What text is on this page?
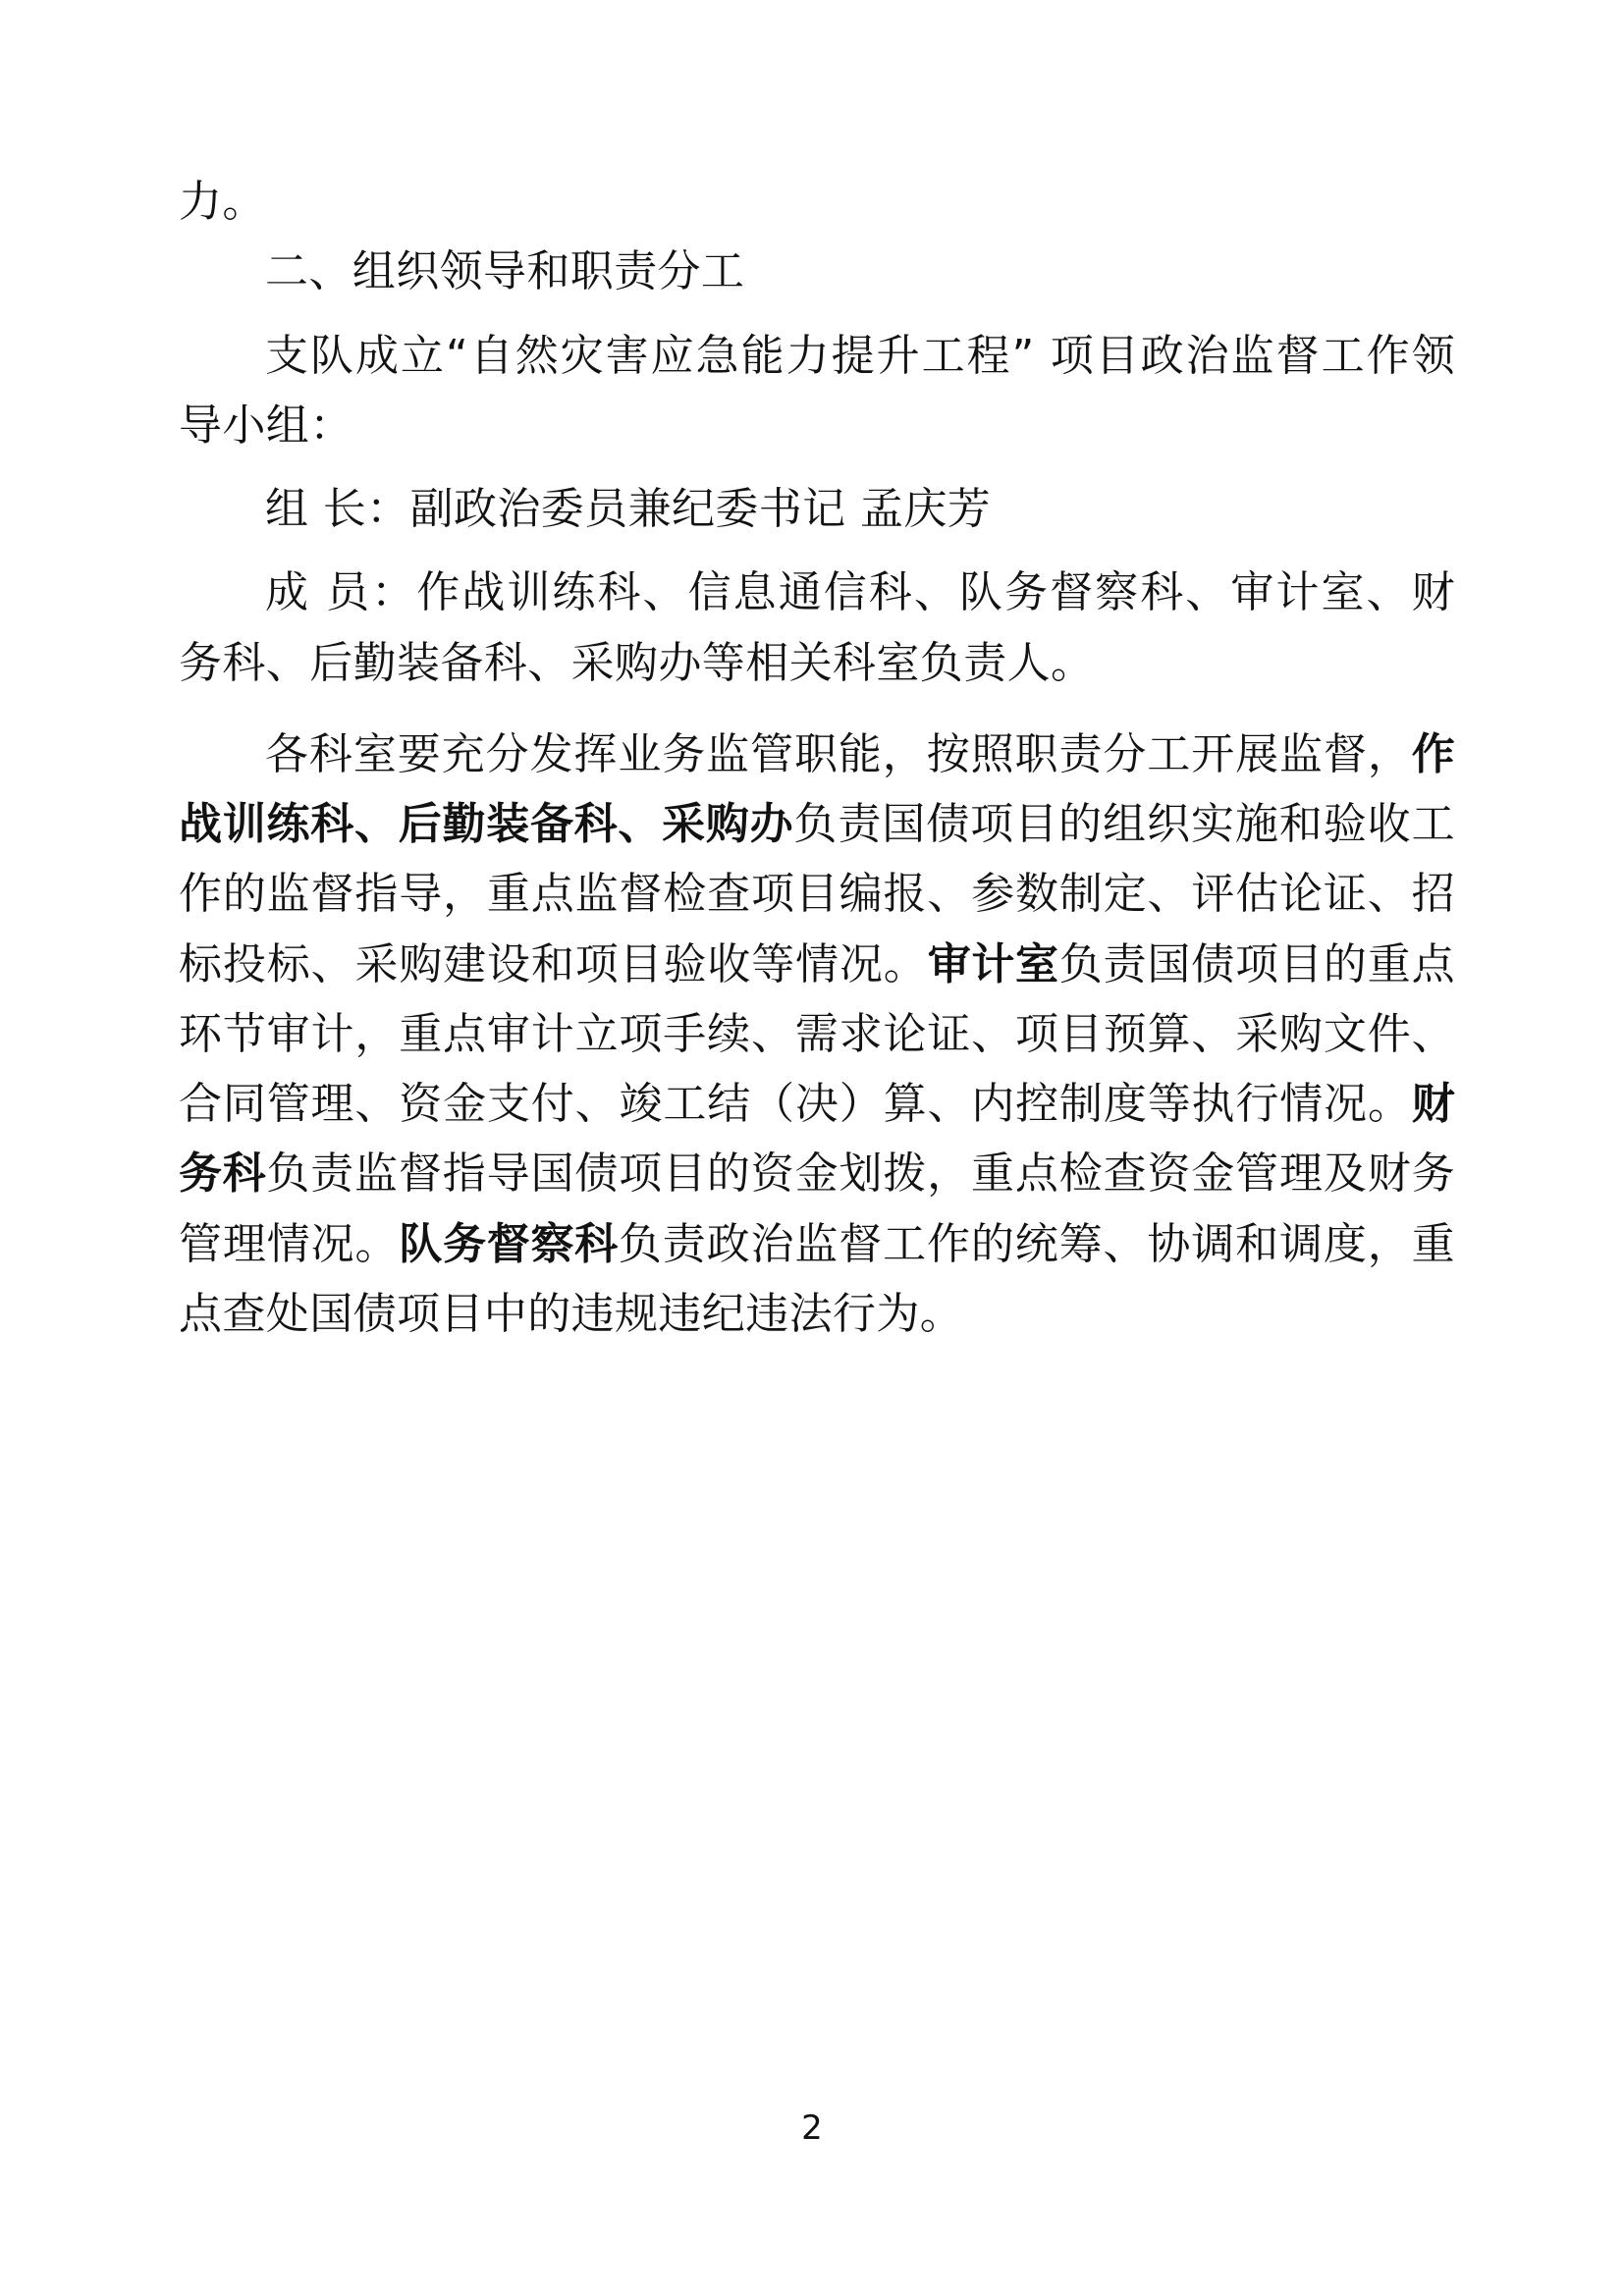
力。

二、组织领导和职责分工

支队成立“自然灾害应急能力提升工程” 项目政治监督工作领导小组：

组 长：副政治委员兼纪委书记 孟庆芳

成 员：作战训练科、信息通信科、队务督察科、审计室、财务科、后勤装备科、采购办等相关科室负责人。

各科室要充分发挥业务监管职能，按照职责分工开展监督，作战训练科、后勤装备科、采购办负责国债项目的组织实施和验收工作的监督指导，重点监督检查项目编报、参数制定、评估论证、招标投标、采购建设和项目验收等情况。审计室负责国债项目的重点环节审计，重点审计立项手续、需求论证、项目预算、采购文件、合同管理、资金支付、竣工结（决）算、内控制度等执行情况。财务科负责监督指导国债项目的资金划拨，重点检查资金管理及财务管理情况。队务督察科负责政治监督工作的统筹、协调和调度，重点查处国债项目中的违规违纪违法行为。

2
